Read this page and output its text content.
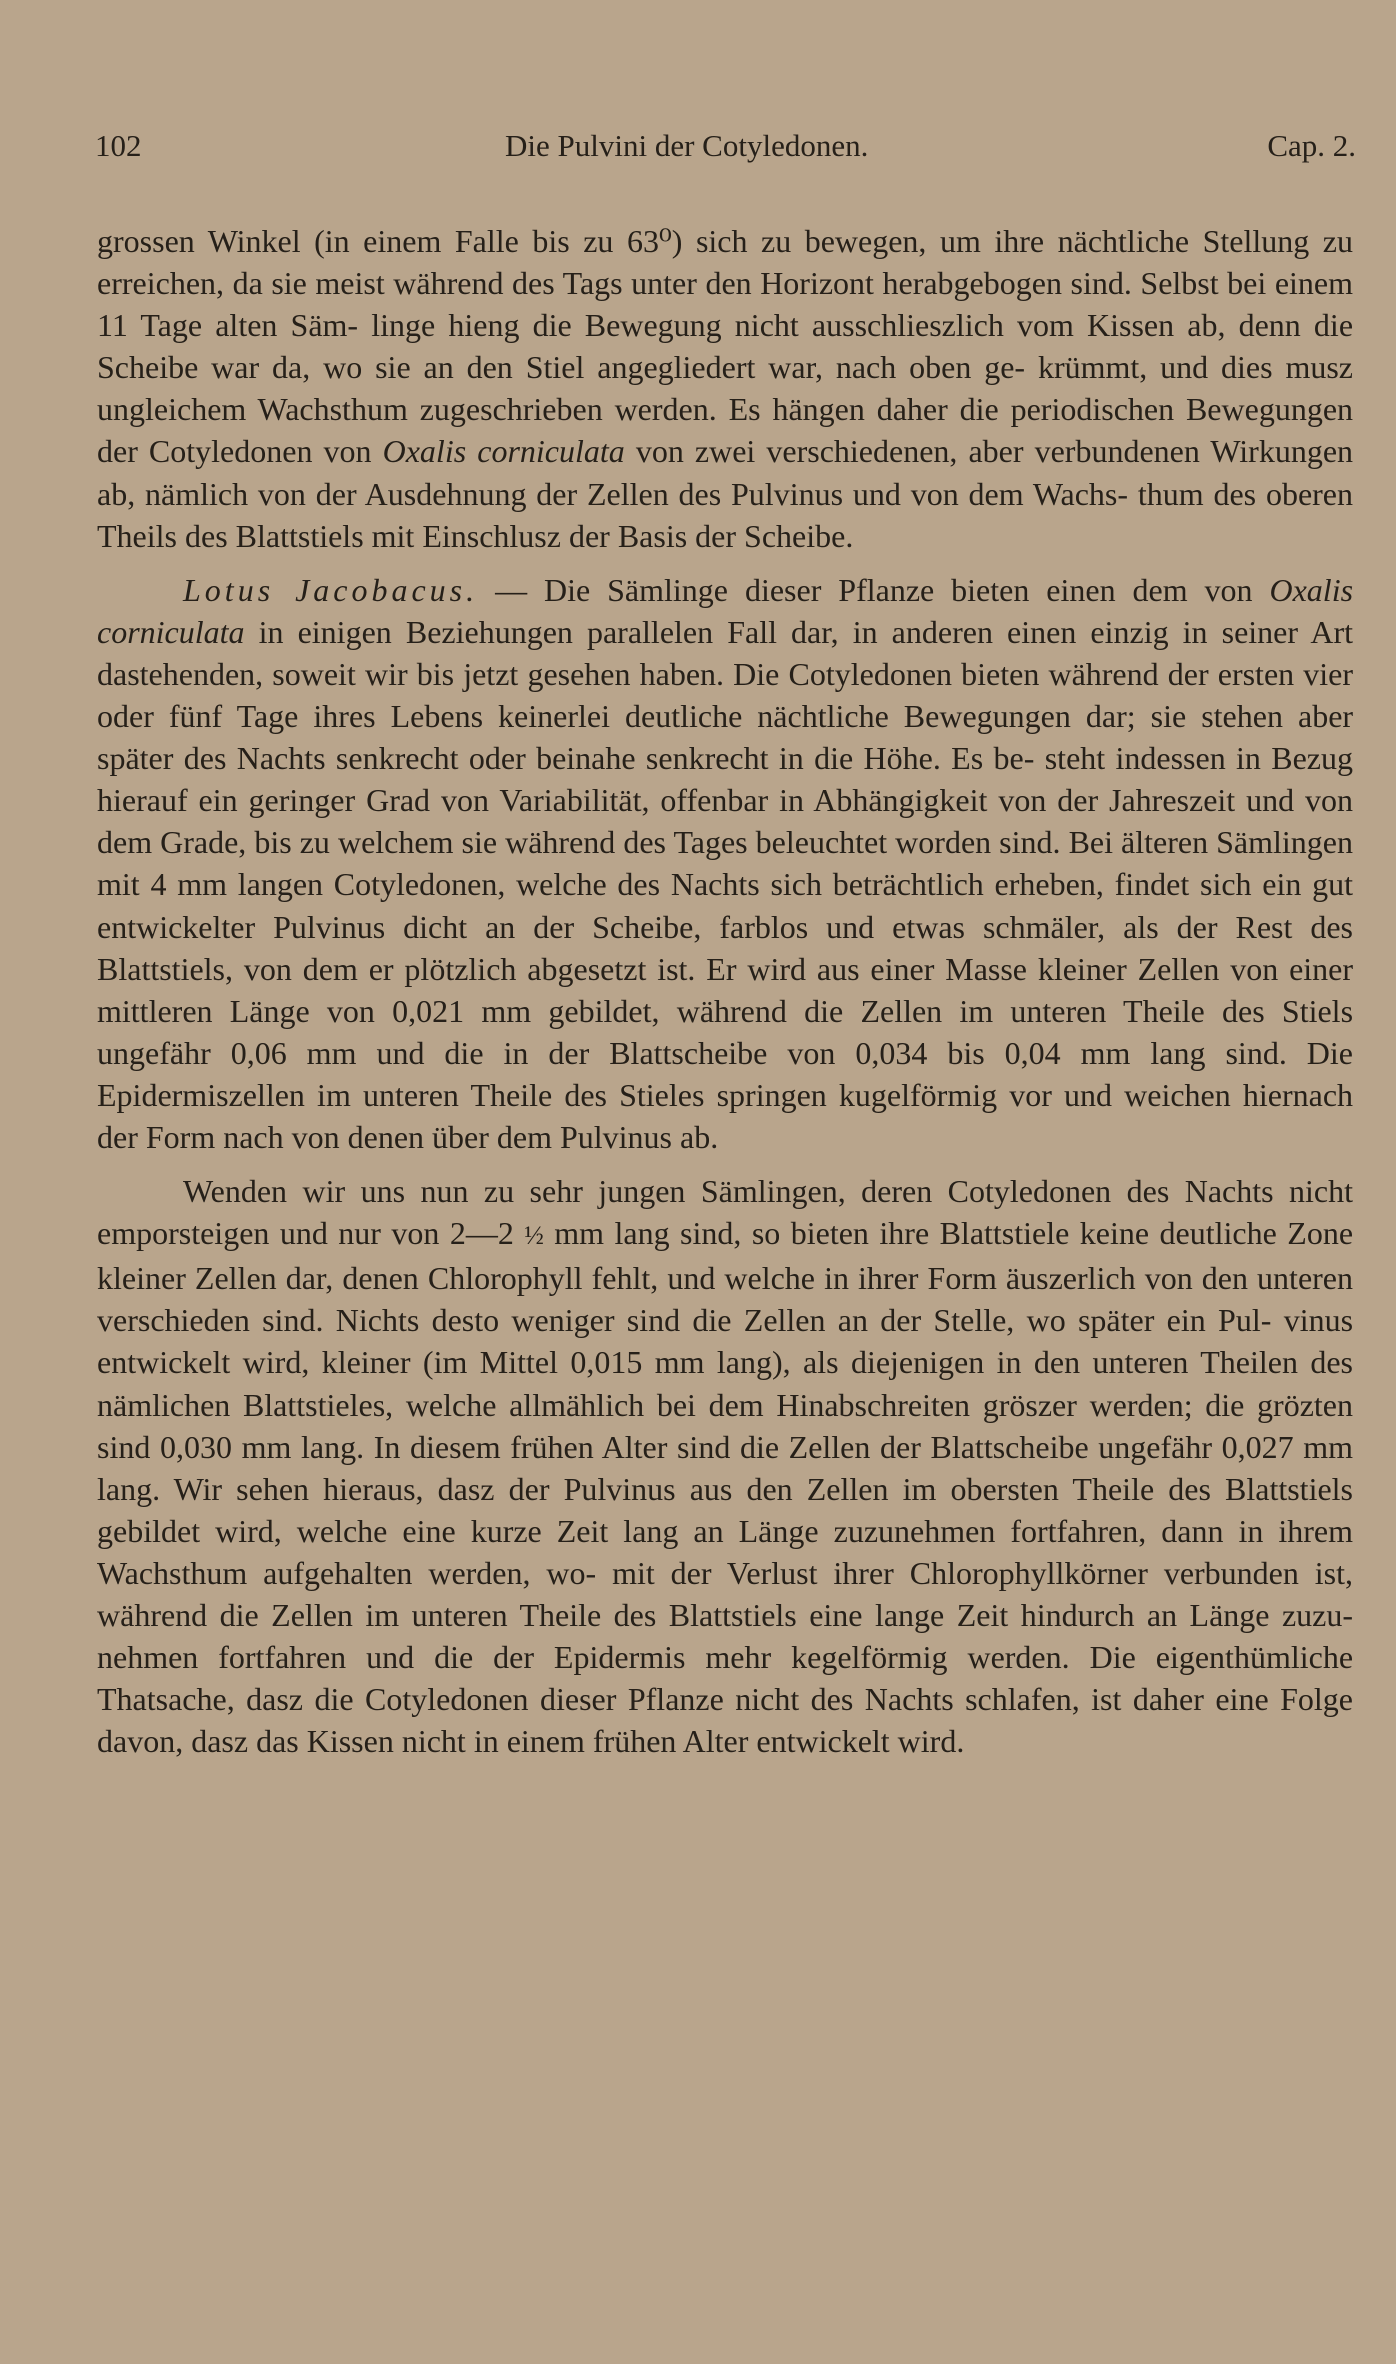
102	Die Pulvini der Cotyledonen.	Cap. 2.

grossen Winkel (in einem Falle bis zu 63⁰) sich zu bewegen, um ihre nächtliche Stellung zu erreichen, da sie meist während des Tags unter den Horizont herabgebogen sind. Selbst bei einem 11 Tage alten Säm- linge hieng die Bewegung nicht ausschlieszlich vom Kissen ab, denn die Scheibe war da, wo sie an den Stiel angegliedert war, nach oben ge- krümmt, und dies musz ungleichem Wachsthum zugeschrieben werden. Es hängen daher die periodischen Bewegungen der Cotyledonen von Oxalis corniculata von zwei verschiedenen, aber verbundenen Wirkungen ab, nämlich von der Ausdehnung der Zellen des Pulvinus und von dem Wachs- thum des oberen Theils des Blattstiels mit Einschlusz der Basis der Scheibe.

Lotus Jacobacus. — Die Sämlinge dieser Pflanze bieten einen dem von Oxalis corniculata in einigen Beziehungen parallelen Fall dar, in anderen einen einzig in seiner Art dastehenden, soweit wir bis jetzt gesehen haben. Die Cotyledonen bieten während der ersten vier oder fünf Tage ihres Lebens keinerlei deutliche nächtliche Bewegungen dar; sie stehen aber später des Nachts senkrecht oder beinahe senkrecht in die Höhe. Es be- steht indessen in Bezug hierauf ein geringer Grad von Variabilität, offenbar in Abhängigkeit von der Jahreszeit und von dem Grade, bis zu welchem sie während des Tages beleuchtet worden sind. Bei älteren Sämlingen mit 4 mm langen Cotyledonen, welche des Nachts sich beträchtlich erheben, findet sich ein gut entwickelter Pulvinus dicht an der Scheibe, farblos und etwas schmäler, als der Rest des Blattstiels, von dem er plötzlich abgesetzt ist. Er wird aus einer Masse kleiner Zellen von einer mittleren Länge von 0,021 mm gebildet, während die Zellen im unteren Theile des Stiels ungefähr 0,06 mm und die in der Blattscheibe von 0,034 bis 0,04 mm lang sind. Die Epidermiszellen im unteren Theile des Stieles springen kugelförmig vor und weichen hiernach der Form nach von denen über dem Pulvinus ab.

Wenden wir uns nun zu sehr jungen Sämlingen, deren Cotyledonen des Nachts nicht emporsteigen und nur von 2—2 ½ mm lang sind, so bieten ihre Blattstiele keine deutliche Zone kleiner Zellen dar, denen Chlorophyll fehlt, und welche in ihrer Form äuszerlich von den unteren verschieden sind. Nichts desto weniger sind die Zellen an der Stelle, wo später ein Pul- vinus entwickelt wird, kleiner (im Mittel 0,015 mm lang), als diejenigen in den unteren Theilen des nämlichen Blattstieles, welche allmählich bei dem Hinabschreiten gröszer werden; die grözten sind 0,030 mm lang. In diesem frühen Alter sind die Zellen der Blattscheibe ungefähr 0,027 mm lang. Wir sehen hieraus, dasz der Pulvinus aus den Zellen im obersten Theile des Blattstiels gebildet wird, welche eine kurze Zeit lang an Länge zuzunehmen fortfahren, dann in ihrem Wachsthum aufgehalten werden, wo- mit der Verlust ihrer Chlorophyllkörner verbunden ist, während die Zellen im unteren Theile des Blattstiels eine lange Zeit hindurch an Länge zuzu- nehmen fortfahren und die der Epidermis mehr kegelförmig werden. Die eigenthümliche Thatsache, dasz die Cotyledonen dieser Pflanze nicht des Nachts schlafen, ist daher eine Folge davon, dasz das Kissen nicht in einem frühen Alter entwickelt wird.
